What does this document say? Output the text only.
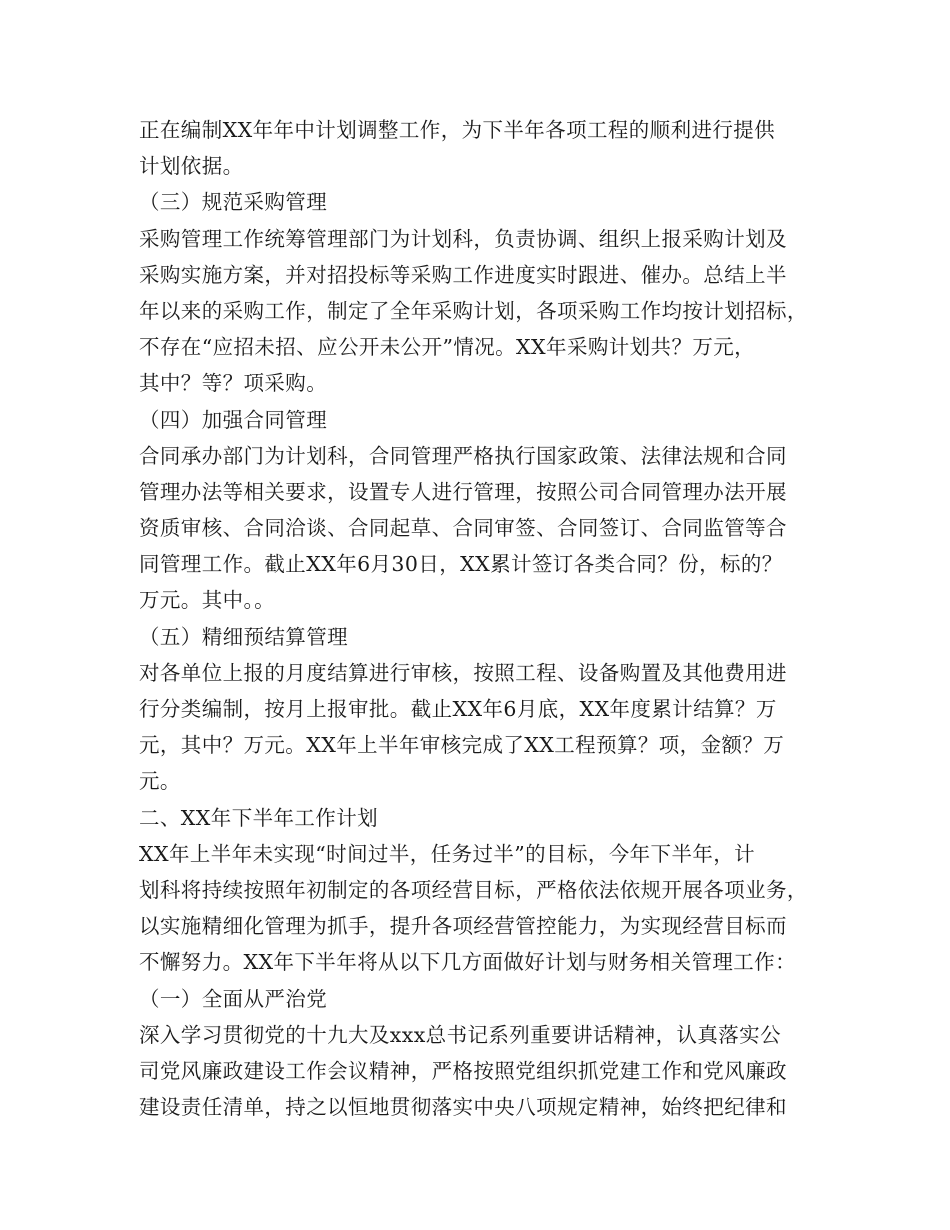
正在编制XX年年中计划调整工作，为下半年各项工程的顺利进行提供
计划依据。
（三）规范采购管理
采购管理工作统筹管理部门为计划科，负责协调、组织上报采购计划及
采购实施方案，并对招投标等采购工作进度实时跟进、催办。总结上半
年以来的采购工作，制定了全年采购计划，各项采购工作均按计划招标，
不存在“应招未招、应公开未公开”情况。XX年采购计划共？万元，
其中？等？项采购。
（四）加强合同管理
合同承办部门为计划科，合同管理严格执行国家政策、法律法规和合同
管理办法等相关要求，设置专人进行管理，按照公司合同管理办法开展
资质审核、合同洽谈、合同起草、合同审签、合同签订、合同监管等合
同管理工作。截止XX年6月30日，XX累计签订各类合同？份，标的？
万元。其中。。
（五）精细预结算管理
对各单位上报的月度结算进行审核，按照工程、设备购置及其他费用进
行分类编制，按月上报审批。截止XX年6月底，XX年度累计结算？万
元，其中？万元。XX年上半年审核完成了XX工程预算？项，金额？万
元。
二、XX年下半年工作计划
XX年上半年未实现“时间过半，任务过半”的目标，今年下半年，计
划科将持续按照年初制定的各项经营目标，严格依法依规开展各项业务，
以实施精细化管理为抓手，提升各项经营管控能力，为实现经营目标而
不懈努力。XX年下半年将从以下几方面做好计划与财务相关管理工作：
（一）全面从严治党
深入学习贯彻党的十九大及xxx总书记系列重要讲话精神，认真落实公
司党风廉政建设工作会议精神，严格按照党组织抓党建工作和党风廉政
建设责任清单，持之以恒地贯彻落实中央八项规定精神，始终把纪律和
